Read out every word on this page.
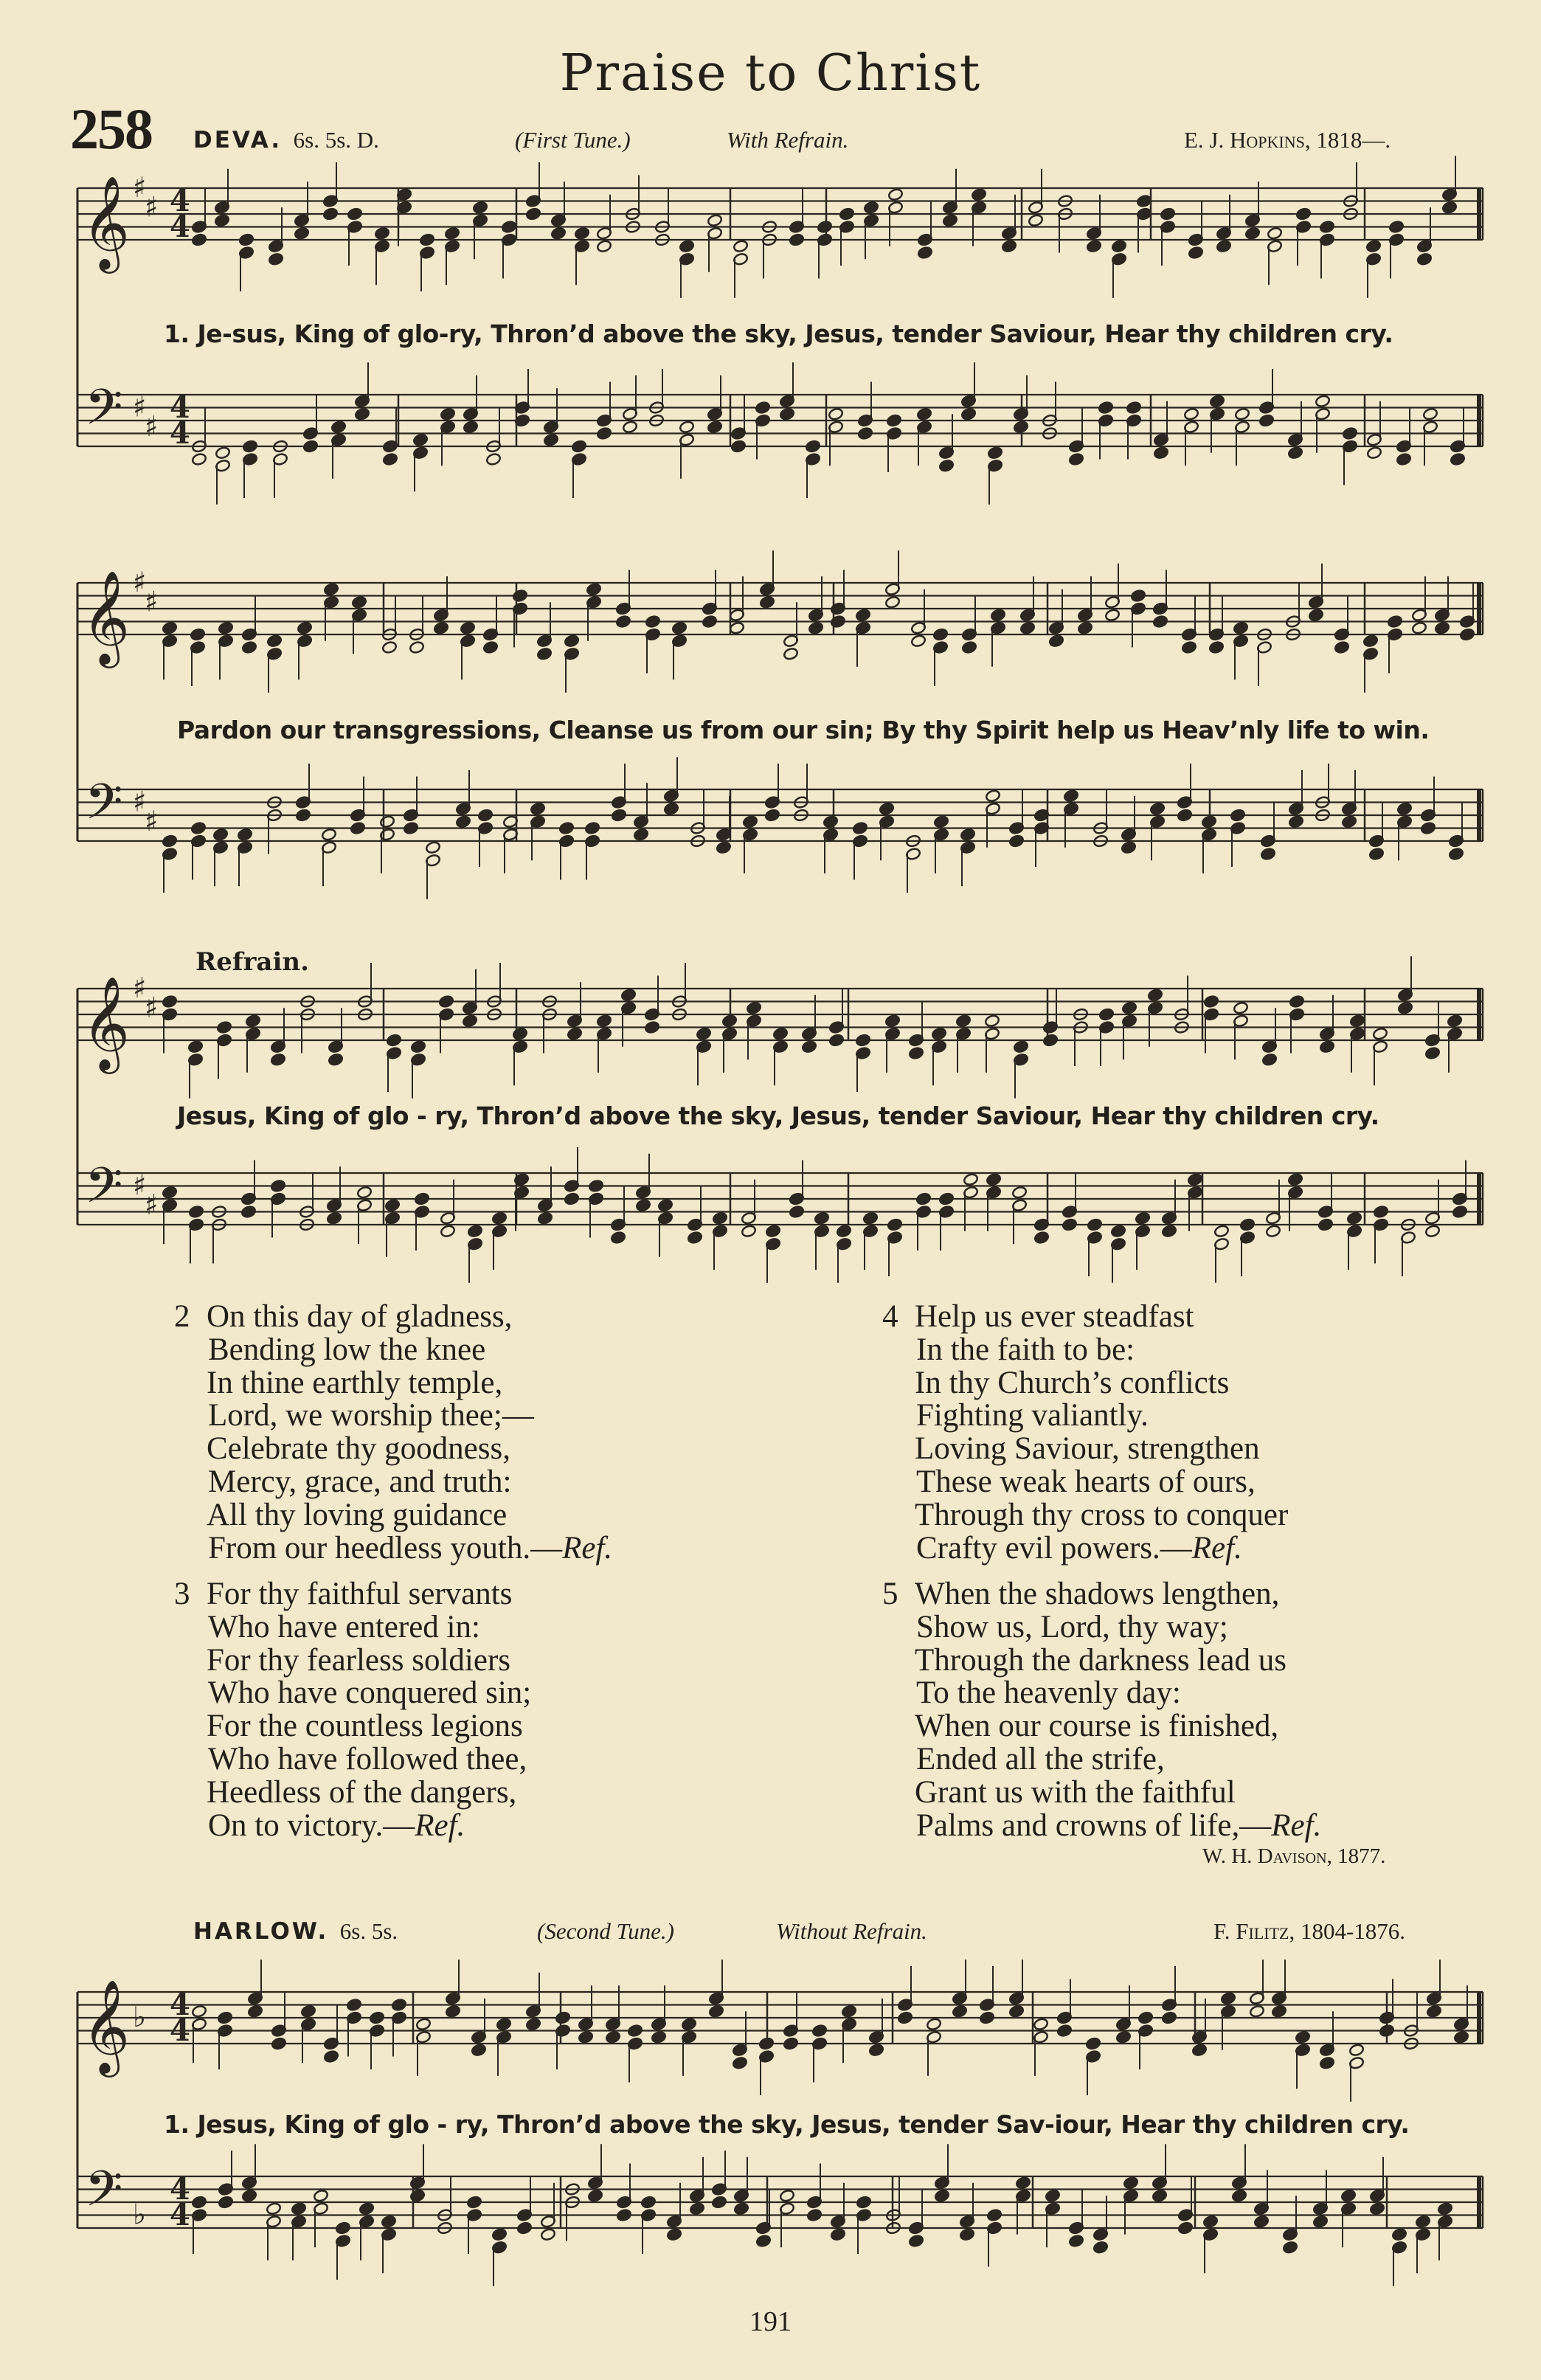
Praise to Christ
258 DEVA. 6s. 5s. D.	(First Tune.)	With Refrain.	E. J. Hopkins, 1818—.
𝄞
𝄢
♯
♯
♯
♯
4
4
4
4
𝄞
𝄢
♯
♯
♯
♯
𝄞
𝄢
♯
♯
♯
♯
𝄞
𝄢
♭
♭
4
4
4
4
1. Je-sus, King of glo-ry, Thron’d above the sky, Jesus, tender Saviour, Hear thy children cry.
Pardon our transgressions, Cleanse us from our sin; By thy Spirit help us Heav’nly life to win.
Refrain.
Jesus, King of glo - ry, Thron’d above the sky, Jesus, tender Saviour, Hear thy children cry.
2 On this day of gladness,
Bending low the knee
In thine earthly temple,
Lord, we worship thee;—
Celebrate thy goodness,
Mercy, grace, and truth:
All thy loving guidance
From our heedless youth.—Ref.
3 For thy faithful servants
Who have entered in:
For thy fearless soldiers
Who have conquered sin;
For the countless legions
Who have followed thee,
Heedless of the dangers,
On to victory.—Ref.
4 Help us ever steadfast
In the faith to be:
In thy Church’s conflicts
Fighting valiantly.
Loving Saviour, strengthen
These weak hearts of ours,
Through thy cross to conquer
Crafty evil powers.—Ref.
5 When the shadows lengthen,
Show us, Lord, thy way;
Through the darkness lead us
To the heavenly day:
When our course is finished,
Ended all the strife,
Grant us with the faithful
Palms and crowns of life,—Ref.
W. H. Davison, 1877.
HARLOW. 6s. 5s.	(Second Tune.)	Without Refrain.	F. Filitz, 1804-1876.
1. Jesus, King of glo - ry, Thron’d above the sky, Jesus, tender Sav-iour, Hear thy children cry.
191
